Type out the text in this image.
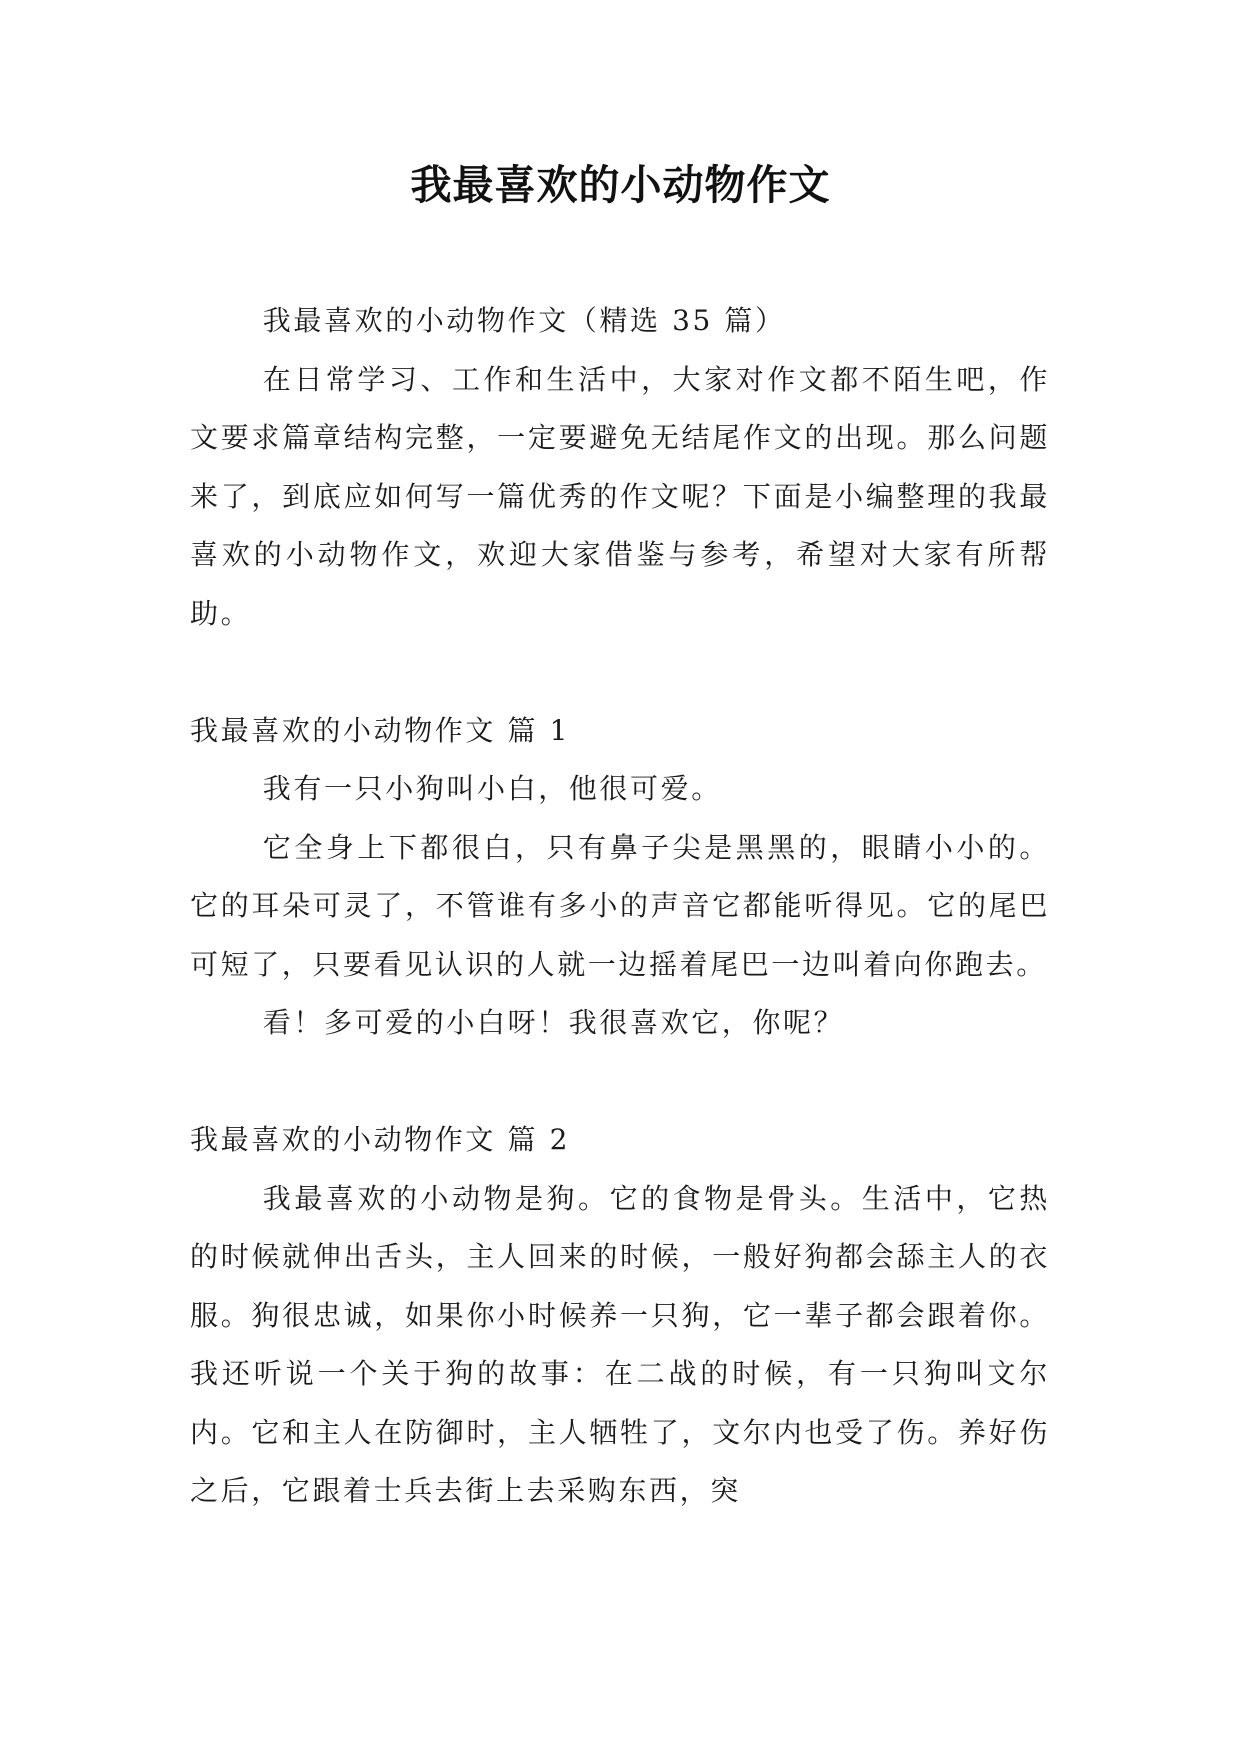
我最喜欢的小动物作文

我最喜欢的小动物作文（精选 35 篇）

在日常学习、工作和生活中，大家对作文都不陌生吧，作文要求篇章结构完整，一定要避免无结尾作文的出现。那么问题来了，到底应如何写一篇优秀的作文呢？下面是小编整理的我最喜欢的小动物作文，欢迎大家借鉴与参考，希望对大家有所帮助。

我最喜欢的小动物作文 篇 1

我有一只小狗叫小白，他很可爱。

它全身上下都很白，只有鼻子尖是黑黑的，眼睛小小的。它的耳朵可灵了，不管谁有多小的声音它都能听得见。它的尾巴可短了，只要看见认识的人就一边摇着尾巴一边叫着向你跑去。

看！多可爱的小白呀！我很喜欢它，你呢？

我最喜欢的小动物作文 篇 2

我最喜欢的小动物是狗。它的食物是骨头。生活中，它热的时候就伸出舌头，主人回来的时候，一般好狗都会舔主人的衣服。狗很忠诚，如果你小时候养一只狗，它一辈子都会跟着你。我还听说一个关于狗的故事：在二战的时候，有一只狗叫文尔内。它和主人在防御时，主人牺牲了，文尔内也受了伤。养好伤之后，它跟着士兵去街上去采购东西，突
